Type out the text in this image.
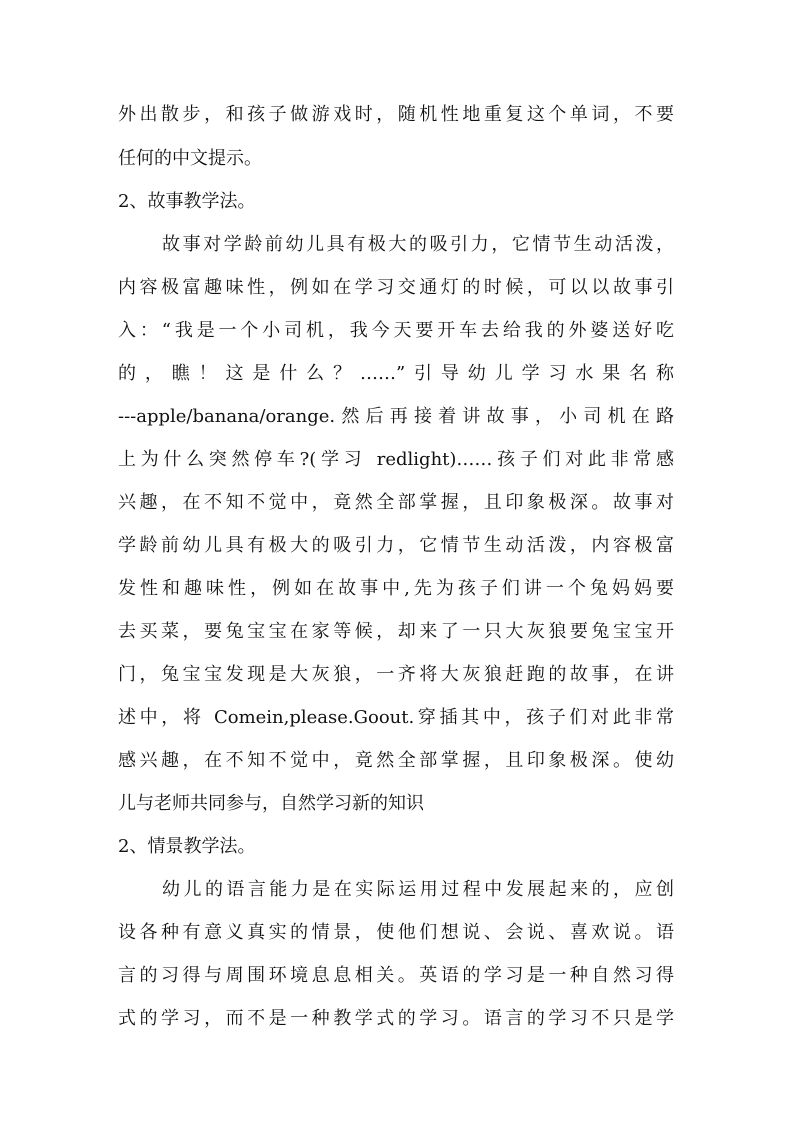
外出散步，和孩子做游戏时，随机性地重复这个单词，不要
任何的中文提示。
2、故事教学法。
故事对学龄前幼儿具有极大的吸引力，它情节生动活泼，
内容极富趣味性，例如在学习交通灯的时候，可以以故事引
入：“我是一个小司机，我今天要开车去给我的外婆送好吃
的，瞧！这是什么？……”引导幼儿学习水果名称
---apple/banana/orange.然后再接着讲故事，小司机在路
上为什么突然停车?(学习 redlight)……孩子们对此非常感
兴趣，在不知不觉中，竟然全部掌握，且印象极深。故事对
学龄前幼儿具有极大的吸引力，它情节生动活泼，内容极富
发性和趣味性，例如在故事中,先为孩子们讲一个兔妈妈要
去买菜，要兔宝宝在家等候，却来了一只大灰狼要兔宝宝开
门，兔宝宝发现是大灰狼，一齐将大灰狼赶跑的故事，在讲
述中，将 Comein,please.Goout.穿插其中，孩子们对此非常
感兴趣，在不知不觉中，竟然全部掌握，且印象极深。使幼
儿与老师共同参与，自然学习新的知识
2、情景教学法。
幼儿的语言能力是在实际运用过程中发展起来的，应创
设各种有意义真实的情景，使他们想说、会说、喜欢说。语
言的习得与周围环境息息相关。英语的学习是一种自然习得
式的学习，而不是一种教学式的学习。语言的学习不只是学
